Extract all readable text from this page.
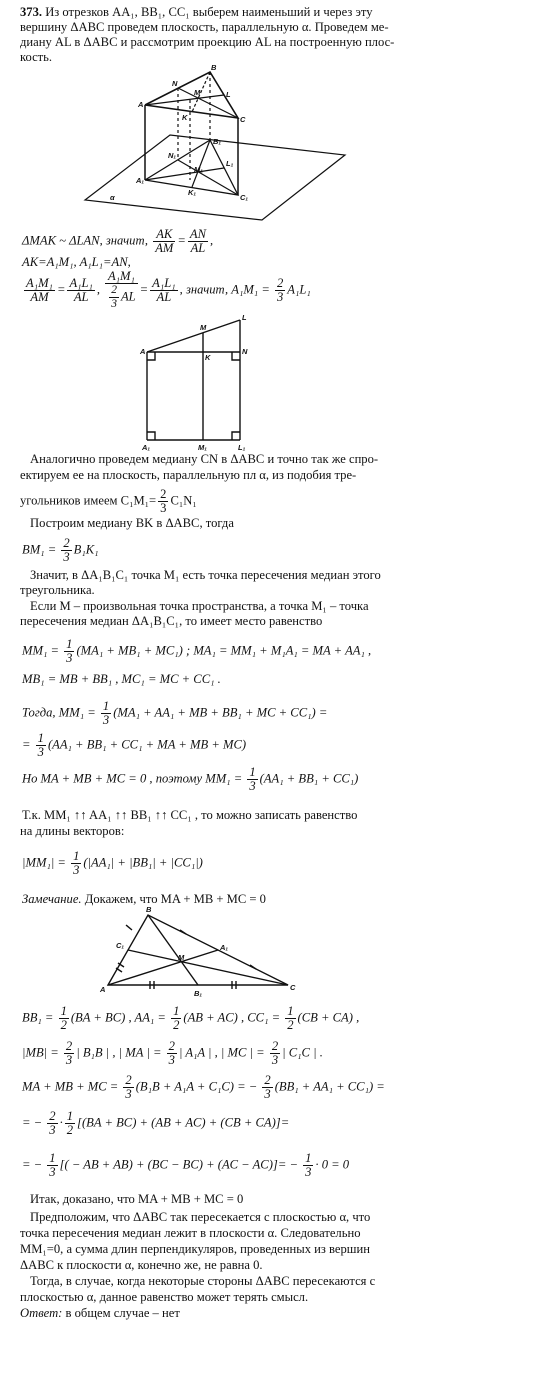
373. Из отрезков AA₁, BB₁, CC₁ выберем наименьший и через эту
вершину ΔABC проведем плоскость, параллельную α. Проведем ме-
диану AL в ΔABC и рассмотрим проекцию AL на построенную плос-
кость.
A
B
C
N
M	L
K
B₁
A₁
C₁
N₁
M₁
L₁
K₁
α
ΔMAK ~ ΔLAN, значит, $\frac{AK}{AM} = \frac{AN}{AL}$ ,
AK=A₁M₁, A₁L₁=AN,
$\frac{\text{A₁M₁}}{AM} = \frac{\text{A₁L₁}}{AL}$ , $\frac{\text{A₁M₁}}{\frac{2}{3} AL} = \frac{\text{A₁L₁}}{AL}$ , значит, $A_1M_1 = \frac{2}{3} A_1L_1$
A
M
L
K
N
A₁	M₁	L₁
Аналогично проведем медиану CN в ΔABC и точно так же спро-
ектируем ее на плоскость, параллельную пл α, из подобия тре-
угольников имеем $C_1M_1= \frac{2}{3} C_1N_1$
Построим медиану BK в ΔABC, тогда
$BM_1 = \frac{2}{3} B_1K_1$
Значит, в ΔA₁B₁C₁ точка M₁ есть точка пересечения медиан этого
треугольника.
Если M – произвольная точка пространства, а точка M₁ – точка
пересечения медиан ΔA₁B₁C₁, то имеет место равенство
$MM_1 = \frac{1}{3} (MA_1 + MB_1 + MC_1)$ ; MA₁ = MM₁ + M₁A₁ = MA + AA₁ ,
MB₁ = MB + BB₁ , MC₁ = MC + CC₁ .
Тогда, $MM_1 = \frac{1}{3} (MA_1 + AA_1$ + MB + BB₁ + MC + CC₁) =
= $\frac{1}{3} (AA_1 + BB_1 + CC_1$ + MA + MB + MC)
Но MA + MB + MC = 0 , поэтому $MM_1 = \frac{1}{3} (AA_1 + BB_1 + CC_1)$
Т.к. MM₁ ↑↑ AA₁ ↑↑ BB₁ ↑↑ CC₁ , то можно записать равенство
на длины векторов:
$|MM_1| = \frac{1}{3} (|AA_1| + |BB_1| + |CC_1|)$
Замечание. Докажем, что MA + MB + MC = 0
B
C₁	A₁
M
A	B₁
C
$BB_1 = \frac{1}{2} (BA + BC)$ , $AA_1 = \frac{1}{2} (AB + AC)$ , $CC_1 = \frac{1}{2} (CB + CA)$ ,
$|MB| = \frac{2}{3}$ | B₁B | , | MA | = $\frac{2}{3}$ | A₁A | , | MC | = $\frac{2}{3}$ | C₁C | .
MA + MB + MC = $\frac{2}{3} (B_1B + A_1A + C_1C)$ = − $\frac{2}{3} (BB_1 + AA_1 + CC_1)$ =
= − $\frac{2}{3} \cdot \frac{1}{2} [(BA + BC) + (AB + AC) + (CB + CA)]=$
= − $\frac{1}{3}$ [( − AB + $AB) + (BC - BC) + (AC - AC)]= - \frac{1}{3} \cdot 0 = 0$
Итак, доказано, что MA + MB + MC = 0
Предположим, что ΔABC так пересекается с плоскостью α, что
точка пересечения медиан лежит в плоскости α. Следовательно
MM₁=0, а сумма длин перпендикуляров, проведенных из вершин
ΔABC к плоскости α, конечно же, не равна 0.
Тогда, в случае, когда некоторые стороны ΔABC пересекаются с
плоскостью α, данное равенство может терять смысл.
Ответ: в общем случае – нет
